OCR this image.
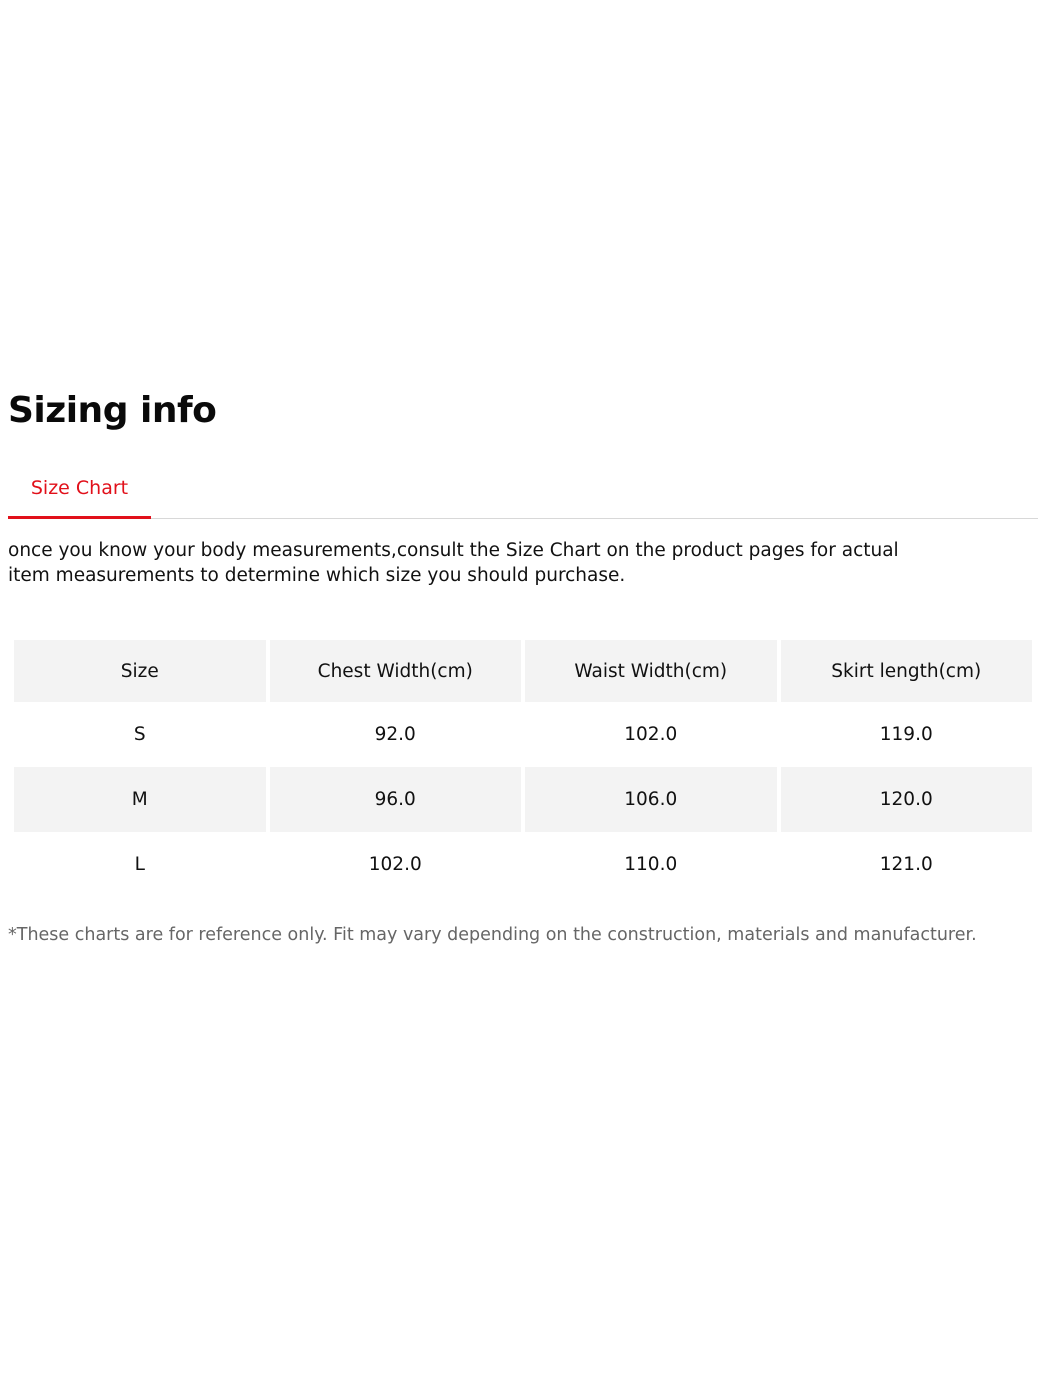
Sizing info
Size Chart

once you know your body measurements,consult the Size Chart on the product pages for actual item measurements to determine which size you should purchase.

Size	Chest Width(cm)	Waist Width(cm)	Skirt length(cm)
S	92.0	102.0	119.0
M	96.0	106.0	120.0
L	102.0	110.0	121.0

*These charts are for reference only. Fit may vary depending on the construction, materials and manufacturer.
